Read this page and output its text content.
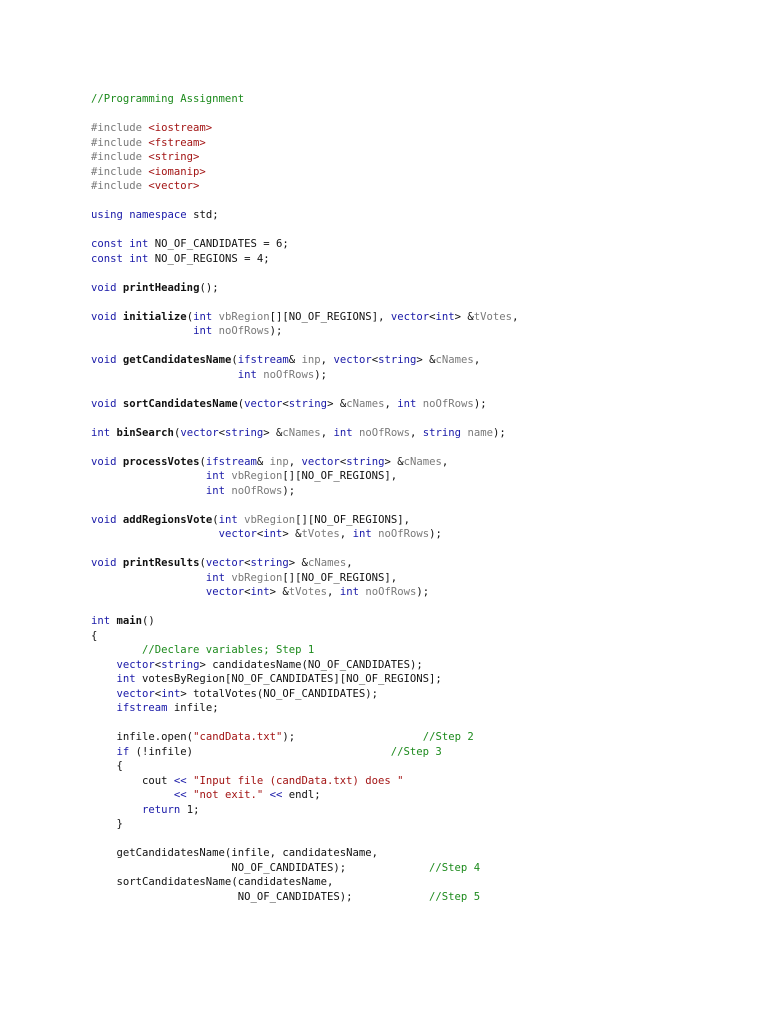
//Programming Assignment
#include <iostream>
#include <fstream>
#include <string>
#include <iomanip>
#include <vector>
using namespace std;
const int NO_OF_CANDIDATES = 6;
const int NO_OF_REGIONS = 4;
void printHeading();
void initialize(int vbRegion[][NO_OF_REGIONS], vector<int> &tVotes,
int noOfRows);
void getCandidatesName(ifstream& inp, vector<string> &cNames,
int noOfRows);
void sortCandidatesName(vector<string> &cNames, int noOfRows);
int binSearch(vector<string> &cNames, int noOfRows, string name);
void processVotes(ifstream& inp, vector<string> &cNames,
int vbRegion[][NO_OF_REGIONS],
int noOfRows);
void addRegionsVote(int vbRegion[][NO_OF_REGIONS],
vector<int> &tVotes, int noOfRows);
void printResults(vector<string> &cNames,
int vbRegion[][NO_OF_REGIONS],
vector<int> &tVotes, int noOfRows);
int main()
{
//Declare variables; Step 1
vector<string> candidatesName(NO_OF_CANDIDATES);
int votesByRegion[NO_OF_CANDIDATES][NO_OF_REGIONS];
vector<int> totalVotes(NO_OF_CANDIDATES);
ifstream infile;
infile.open("candData.txt");                    //Step 2
if (!infile)                               //Step 3
{
cout << "Input file (candData.txt) does "
<< "not exit." << endl;
return 1;
}
getCandidatesName(infile, candidatesName,
NO_OF_CANDIDATES);             //Step 4
sortCandidatesName(candidatesName,
NO_OF_CANDIDATES);            //Step 5
